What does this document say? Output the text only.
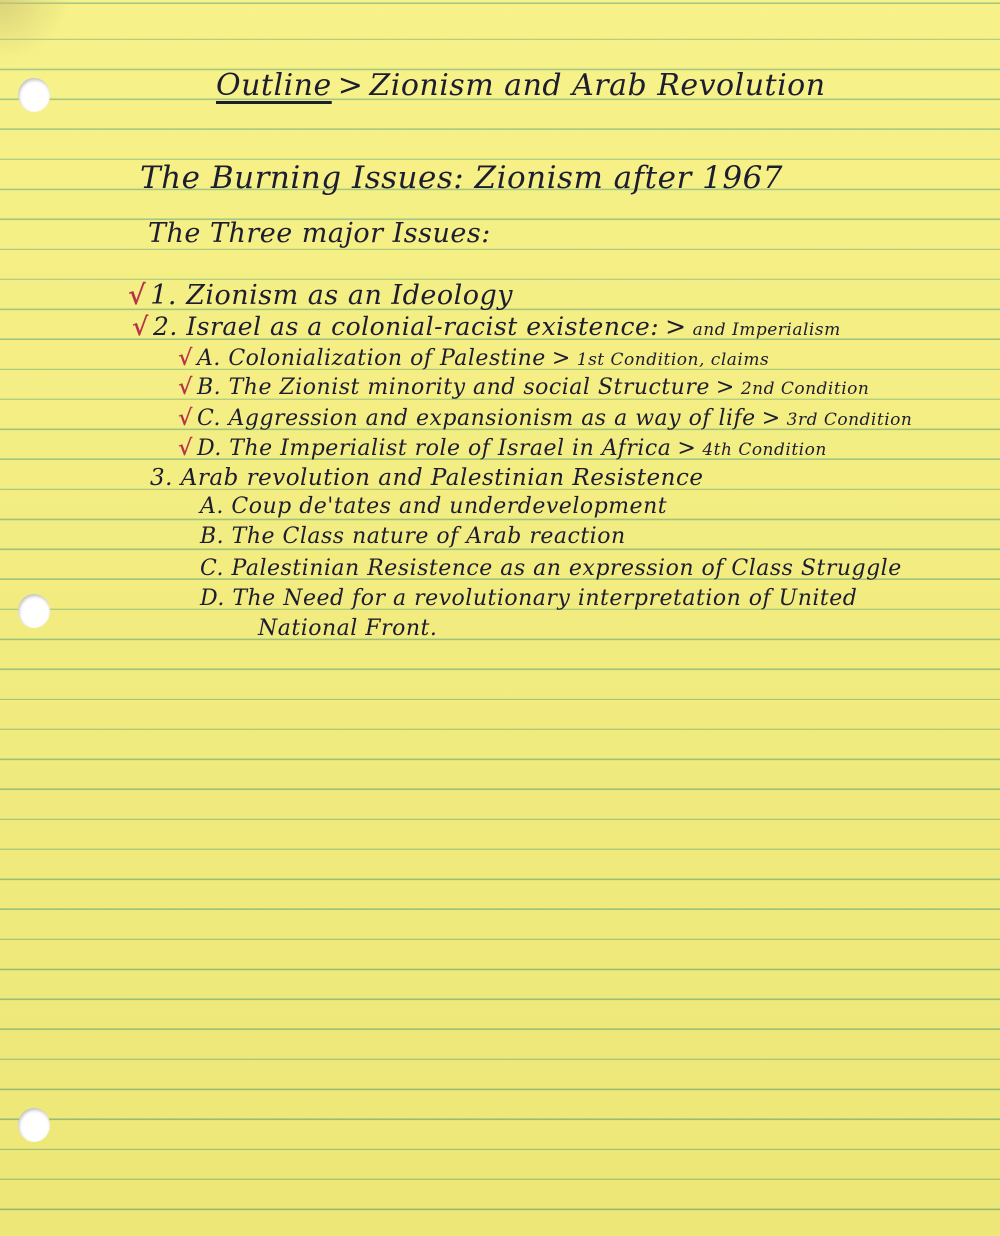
Outline > Zionism and Arab Revolution
The Burning Issues: Zionism after 1967
The Three major Issues:
√ 1. Zionism as an Ideology
√ 2. Israel as a colonial-racist existence: > and Imperialism
√ A. Colonialization of Palestine > 1st Condition, claims
√ B. The Zionist minority and social Structure > 2nd Condition
√ C. Aggression and expansionism as a way of life > 3rd Condition
√ D. The Imperialist role of Israel in Africa > 4th Condition
3. Arab revolution and Palestinian Resistence
A. Coup de'tates and underdevelopment
B. The Class nature of Arab reaction
C. Palestinian Resistence as an expression of Class Struggle
D. The Need for a revolutionary interpretation of United
National Front.
